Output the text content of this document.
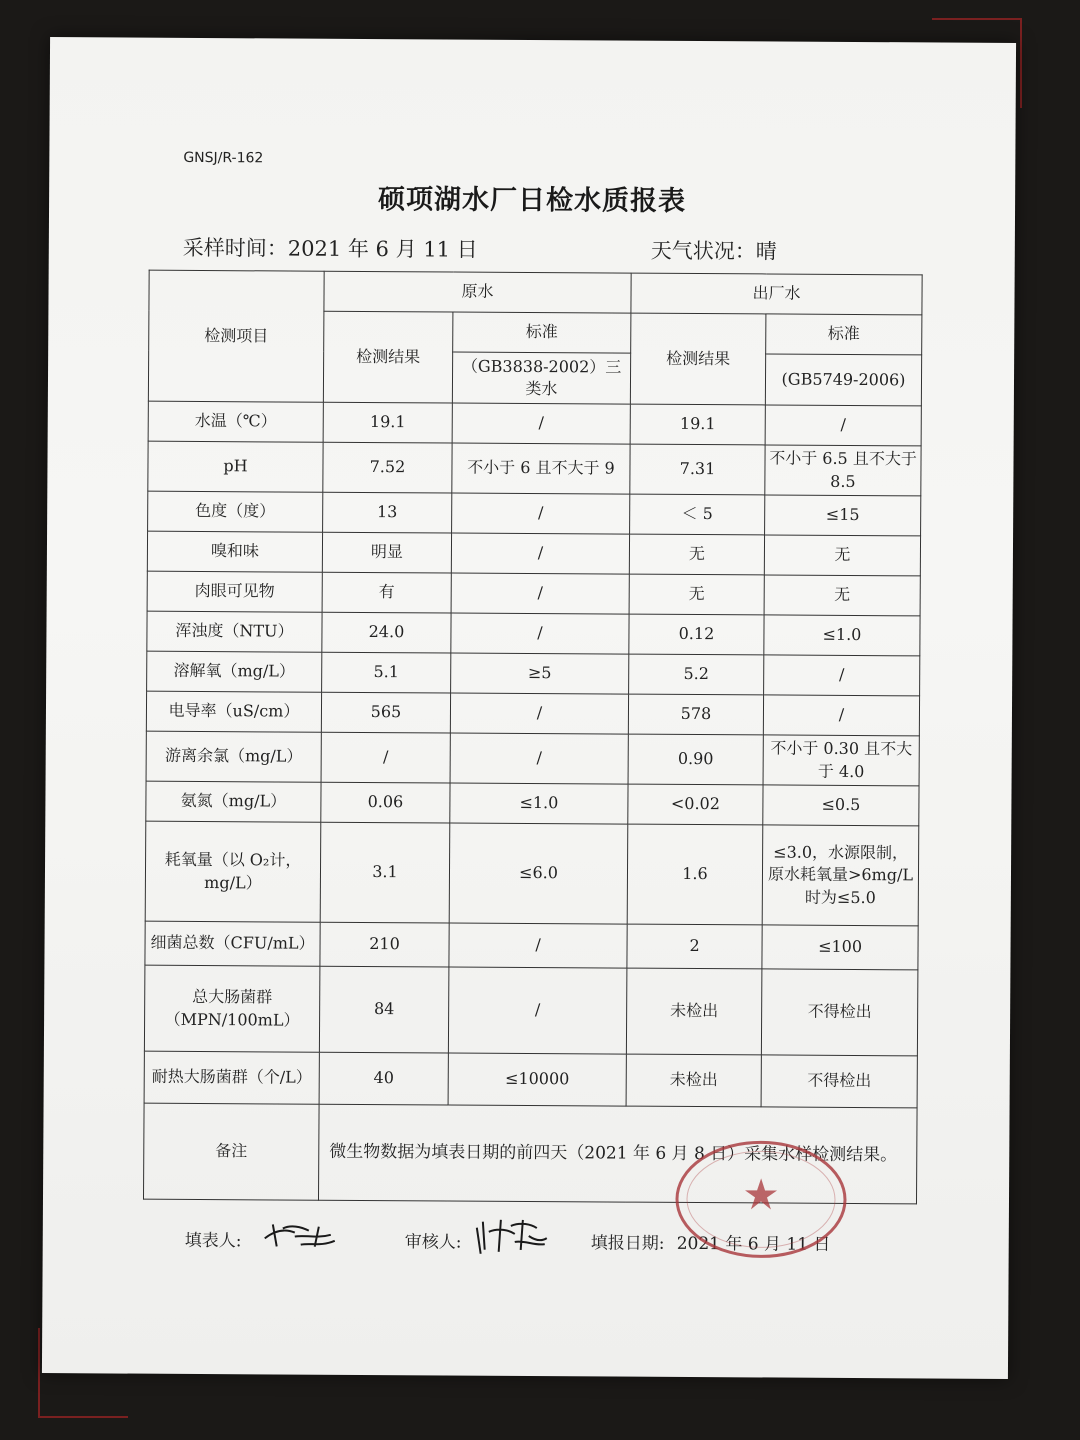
GNSJ/R-162
硕项湖水厂日检水质报表
采样时间：2021 年 6 月 11 日	天气状况：晴
检测项目	原水		出厂水	
	检测结果	标准	检测结果	标准
		（GB3838-2002）三类水		(GB5749-2006)
水温（℃）	19.1	/	19.1	/
pH	7.52	不小于 6 且不大于 9	7.31	不小于 6.5 且不大于 8.5
色度（度）	13	/	＜ 5	≤15
嗅和味	明显	/	无	无
肉眼可见物	有	/	无	无
浑浊度（NTU）	24.0	/	0.12	≤1.0
溶解氧（mg/L）	5.1	≥5	5.2	/
电导率（uS/cm）	565	/	578	/
游离余氯（mg/L）	/	/	0.90	不小于 0.30 且不大于 4.0
氨氮（mg/L）	0.06	≤1.0	<0.02	≤0.5
耗氧量（以 O₂计，mg/L）	3.1	≤6.0	1.6	≤3.0，水源限制，原水耗氧量>6mg/L 时为≤5.0
细菌总数（CFU/mL）	210	/	2	≤100
总大肠菌群（MPN/100mL）	84	/	未检出	不得检出
耐热大肠菌群（个/L）	40	≤10000	未检出	不得检出
备注	微生物数据为填表日期的前四天（2021 年 6 月 8 日）采集水样检测结果。			
填表人:	审核人:	填报日期: 2021 年 6 月 11 日
